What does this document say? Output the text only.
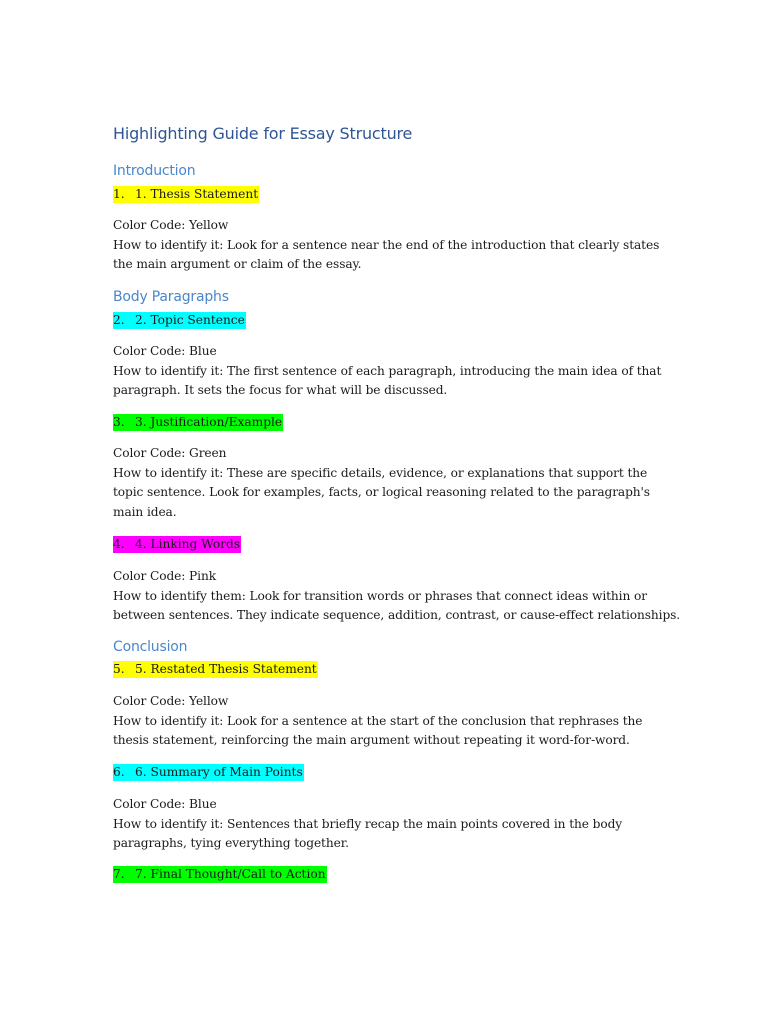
Highlighting Guide for Essay Structure
Introduction
1. 1. Thesis Statement
Color Code: Yellow
How to identify it: Look for a sentence near the end of the introduction that clearly states
the main argument or claim of the essay.
Body Paragraphs
2. 2. Topic Sentence
Color Code: Blue
How to identify it: The first sentence of each paragraph, introducing the main idea of that
paragraph. It sets the focus for what will be discussed.
3. 3. Justification/Example
Color Code: Green
How to identify it: These are specific details, evidence, or explanations that support the
topic sentence. Look for examples, facts, or logical reasoning related to the paragraph's
main idea.
4. 4. Linking Words
Color Code: Pink
How to identify them: Look for transition words or phrases that connect ideas within or
between sentences. They indicate sequence, addition, contrast, or cause-effect relationships.
Conclusion
5. 5. Restated Thesis Statement
Color Code: Yellow
How to identify it: Look for a sentence at the start of the conclusion that rephrases the
thesis statement, reinforcing the main argument without repeating it word-for-word.
6. 6. Summary of Main Points
Color Code: Blue
How to identify it: Sentences that briefly recap the main points covered in the body
paragraphs, tying everything together.
7. 7. Final Thought/Call to Action
